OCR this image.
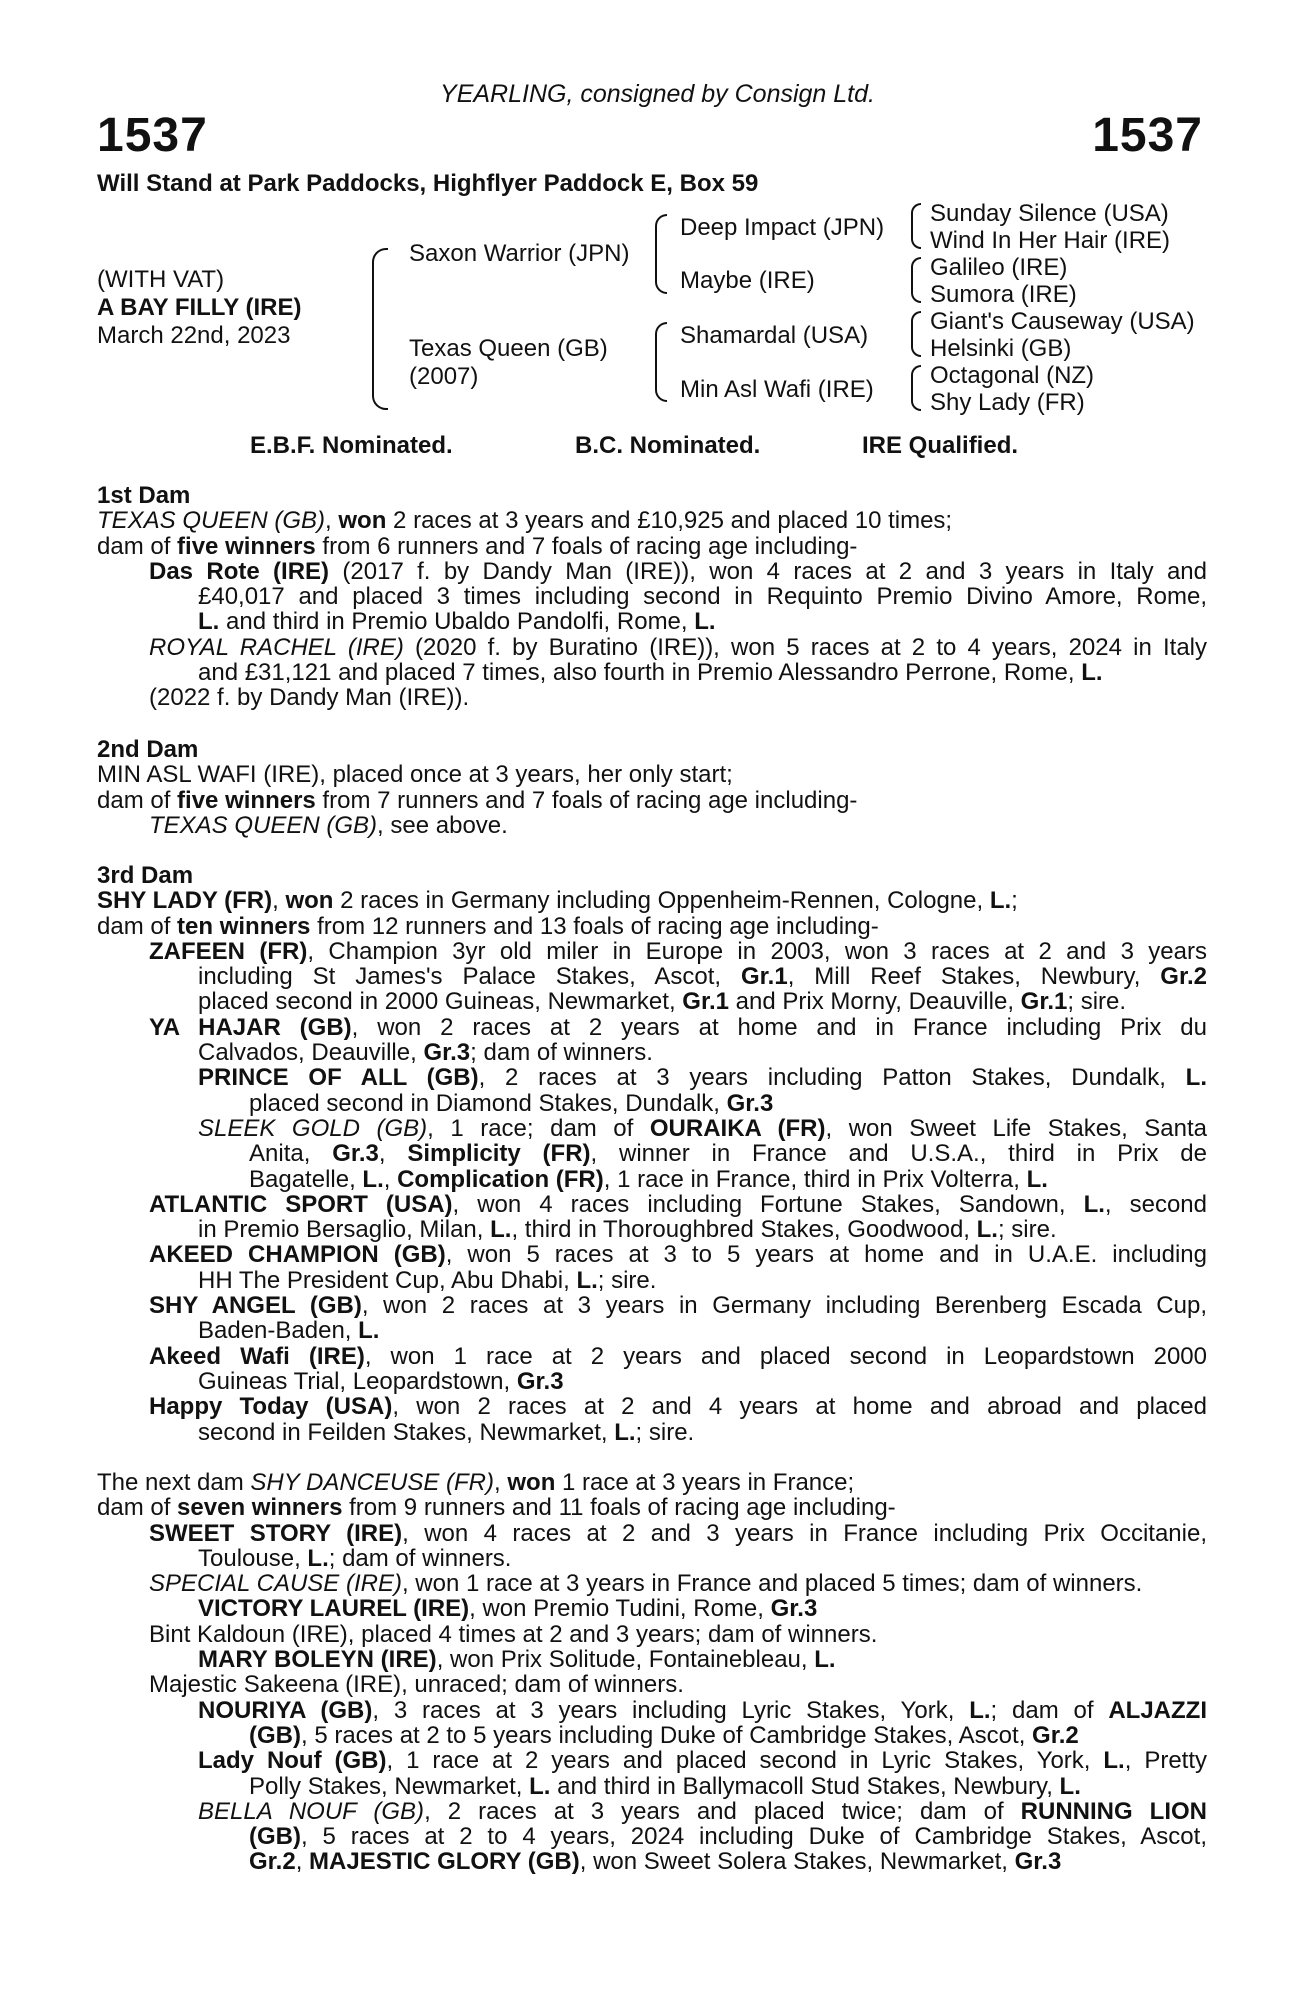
YEARLING, consigned by Consign Ltd.
1537	1537
Will Stand at Park Paddocks, Highflyer Paddock E, Box 59
(WITH VAT)
A BAY FILLY (IRE)
March 22nd, 2023
Saxon Warrior (JPN)
Texas Queen (GB)
(2007)
Deep Impact (JPN)
Maybe (IRE)
Shamardal (USA)
Min Asl Wafi (IRE)
Sunday Silence (USA)
Wind In Her Hair (IRE)
Galileo (IRE)
Sumora (IRE)
Giant's Causeway (USA)
Helsinki (GB)
Octagonal (NZ)
Shy Lady (FR)
E.B.F. Nominated.	B.C. Nominated.	IRE Qualified.
1st Dam
TEXAS QUEEN (GB), won 2 races at 3 years and £10,925 and placed 10 times;
dam of five winners from 6 runners and 7 foals of racing age including-
Das Rote (IRE) (2017 f. by Dandy Man (IRE)), won 4 races at 2 and 3 years in Italy and
£40,017 and placed 3 times including second in Requinto Premio Divino Amore, Rome,
L. and third in Premio Ubaldo Pandolfi, Rome, L.
ROYAL RACHEL (IRE) (2020 f. by Buratino (IRE)), won 5 races at 2 to 4 years, 2024 in Italy
and £31,121 and placed 7 times, also fourth in Premio Alessandro Perrone, Rome, L.
(2022 f. by Dandy Man (IRE)).
2nd Dam
MIN ASL WAFI (IRE), placed once at 3 years, her only start;
dam of five winners from 7 runners and 7 foals of racing age including-
TEXAS QUEEN (GB), see above.
3rd Dam
SHY LADY (FR), won 2 races in Germany including Oppenheim-Rennen, Cologne, L.;
dam of ten winners from 12 runners and 13 foals of racing age including-
ZAFEEN (FR), Champion 3yr old miler in Europe in 2003, won 3 races at 2 and 3 years
including St James's Palace Stakes, Ascot, Gr.1, Mill Reef Stakes, Newbury, Gr.2
placed second in 2000 Guineas, Newmarket, Gr.1 and Prix Morny, Deauville, Gr.1; sire.
YA HAJAR (GB), won 2 races at 2 years at home and in France including Prix du
Calvados, Deauville, Gr.3; dam of winners.
PRINCE OF ALL (GB), 2 races at 3 years including Patton Stakes, Dundalk, L.
placed second in Diamond Stakes, Dundalk, Gr.3
SLEEK GOLD (GB), 1 race; dam of OURAIKA (FR), won Sweet Life Stakes, Santa
Anita, Gr.3, Simplicity (FR), winner in France and U.S.A., third in Prix de
Bagatelle, L., Complication (FR), 1 race in France, third in Prix Volterra, L.
ATLANTIC SPORT (USA), won 4 races including Fortune Stakes, Sandown, L., second
in Premio Bersaglio, Milan, L., third in Thoroughbred Stakes, Goodwood, L.; sire.
AKEED CHAMPION (GB), won 5 races at 3 to 5 years at home and in U.A.E. including
HH The President Cup, Abu Dhabi, L.; sire.
SHY ANGEL (GB), won 2 races at 3 years in Germany including Berenberg Escada Cup,
Baden-Baden, L.
Akeed Wafi (IRE), won 1 race at 2 years and placed second in Leopardstown 2000
Guineas Trial, Leopardstown, Gr.3
Happy Today (USA), won 2 races at 2 and 4 years at home and abroad and placed
second in Feilden Stakes, Newmarket, L.; sire.
The next dam SHY DANCEUSE (FR), won 1 race at 3 years in France;
dam of seven winners from 9 runners and 11 foals of racing age including-
SWEET STORY (IRE), won 4 races at 2 and 3 years in France including Prix Occitanie,
Toulouse, L.; dam of winners.
SPECIAL CAUSE (IRE), won 1 race at 3 years in France and placed 5 times; dam of winners.
VICTORY LAUREL (IRE), won Premio Tudini, Rome, Gr.3
Bint Kaldoun (IRE), placed 4 times at 2 and 3 years; dam of winners.
MARY BOLEYN (IRE), won Prix Solitude, Fontainebleau, L.
Majestic Sakeena (IRE), unraced; dam of winners.
NOURIYA (GB), 3 races at 3 years including Lyric Stakes, York, L.; dam of ALJAZZI
(GB), 5 races at 2 to 5 years including Duke of Cambridge Stakes, Ascot, Gr.2
Lady Nouf (GB), 1 race at 2 years and placed second in Lyric Stakes, York, L., Pretty
Polly Stakes, Newmarket, L. and third in Ballymacoll Stud Stakes, Newbury, L.
BELLA NOUF (GB), 2 races at 3 years and placed twice; dam of RUNNING LION
(GB), 5 races at 2 to 4 years, 2024 including Duke of Cambridge Stakes, Ascot,
Gr.2, MAJESTIC GLORY (GB), won Sweet Solera Stakes, Newmarket, Gr.3
